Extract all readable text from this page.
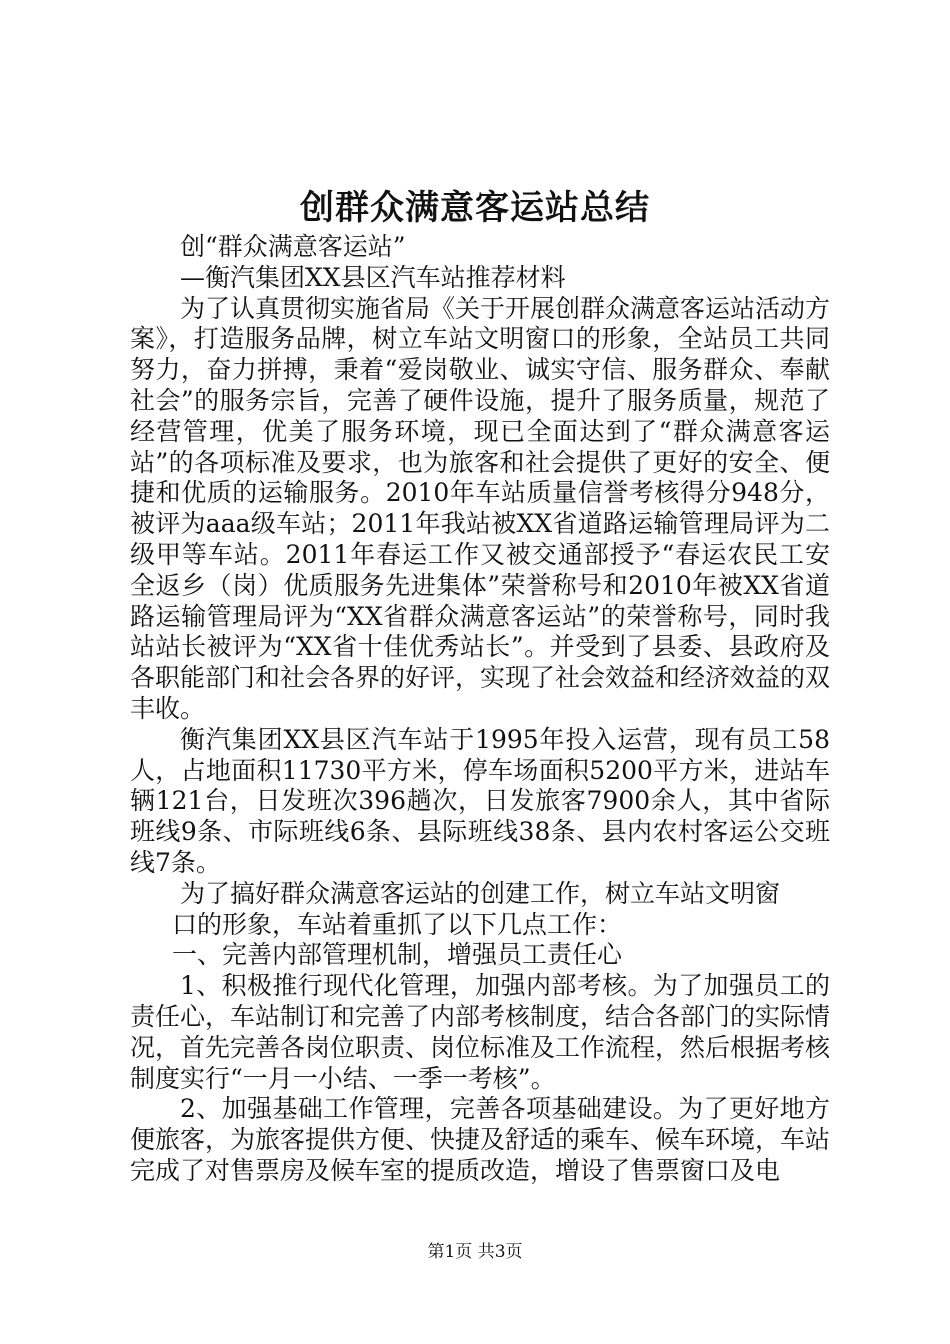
创群众满意客运站总结

创“群众满意客运站”

—衡汽集团XX县区汽车站推荐材料

为了认真贯彻实施省局《关于开展创群众满意客运站活动方案》，打造服务品牌，树立车站文明窗口的形象，全站员工共同努力，奋力拼搏，秉着“爱岗敬业、诚实守信、服务群众、奉献社会”的服务宗旨，完善了硬件设施，提升了服务质量，规范了经营管理，优美了服务环境，现已全面达到了“群众满意客运站”的各项标准及要求，也为旅客和社会提供了更好的安全、便捷和优质的运输服务。2010年车站质量信誉考核得分948分，被评为aaa级车站；2011年我站被XX省道路运输管理局评为二级甲等车站。2011年春运工作又被交通部授予“春运农民工安全返乡（岗）优质服务先进集体”荣誉称号和2010年被XX省道路运输管理局评为“XX省群众满意客运站”的荣誉称号，同时我站站长被评为“XX省十佳优秀站长”。并受到了县委、县政府及各职能部门和社会各界的好评，实现了社会效益和经济效益的双丰收。

衡汽集团XX县区汽车站于1995年投入运营，现有员工58人，占地面积11730平方米，停车场面积5200平方米，进站车辆121台，日发班次396趟次，日发旅客7900余人，其中省际班线9条、市际班线6条、县际班线38条、县内农村客运公交班线7条。

为了搞好群众满意客运站的创建工作，树立车站文明窗

口的形象，车站着重抓了以下几点工作：

一、完善内部管理机制，增强员工责任心

1、积极推行现代化管理，加强内部考核。为了加强员工的责任心，车站制订和完善了内部考核制度，结合各部门的实际情况，首先完善各岗位职责、岗位标准及工作流程，然后根据考核制度实行“一月一小结、一季一考核”。

2、加强基础工作管理，完善各项基础建设。为了更好地方便旅客，为旅客提供方便、快捷及舒适的乘车、候车环境，车站完成了对售票房及候车室的提质改造，增设了售票窗口及电

第1页 共3页
